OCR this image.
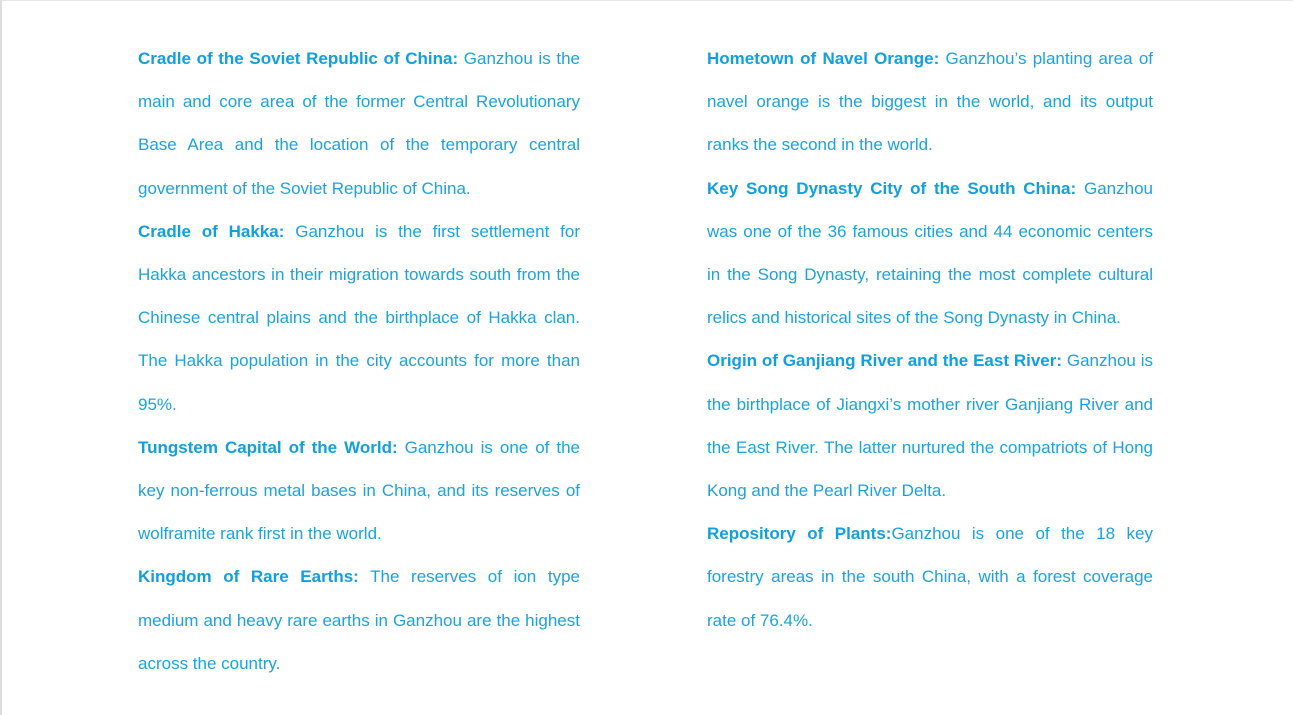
Cradle of the Soviet Republic of China: Ganzhou is the main and core area of the former Central Revolutionary Base Area and the location of the temporary central government of the Soviet Republic of China.

Cradle of Hakka: Ganzhou is the first settlement for Hakka ancestors in their migration towards south from the Chinese central plains and the birthplace of Hakka clan. The Hakka population in the city accounts for more than 95%.

Tungstem Capital of the World: Ganzhou is one of the key non-ferrous metal bases in China, and its reserves of wolframite rank first in the world.

Kingdom of Rare Earths: The reserves of ion type medium and heavy rare earths in Ganzhou are the highest across the country.

Hometown of Navel Orange: Ganzhou’s planting area of navel orange is the biggest in the world, and its output ranks the second in the world.

Key Song Dynasty City of the South China: Ganzhou was one of the 36 famous cities and 44 economic centers in the Song Dynasty, retaining the most complete cultural relics and historical sites of the Song Dynasty in China.

Origin of Ganjiang River and the East River: Ganzhou is the birthplace of Jiangxi’s mother river Ganjiang River and the East River. The latter nurtured the compatriots of Hong Kong and the Pearl River Delta.

Repository of Plants:Ganzhou is one of the 18 key forestry areas in the south China, with a forest coverage rate of 76.4%.
